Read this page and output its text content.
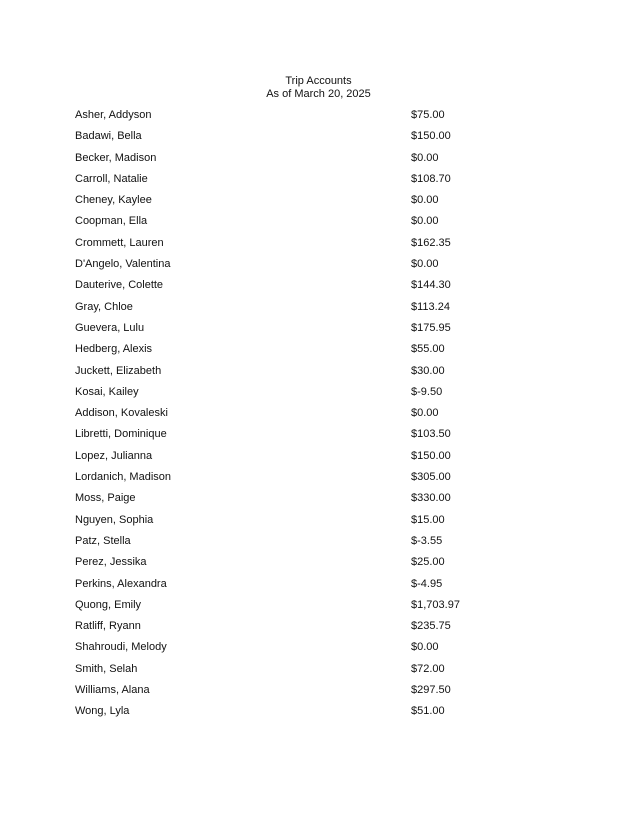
Trip Accounts
As of March 20, 2025
Asher, Addyson	$75.00
Badawi, Bella	$150.00
Becker, Madison	$0.00
Carroll, Natalie	$108.70
Cheney, Kaylee	$0.00
Coopman, Ella	$0.00
Crommett, Lauren	$162.35
D'Angelo, Valentina	$0.00
Dauterive, Colette	$144.30
Gray, Chloe	$113.24
Guevera, Lulu	$175.95
Hedberg, Alexis	$55.00
Juckett, Elizabeth	$30.00
Kosai, Kailey	$-9.50
Addison, Kovaleski	$0.00
Libretti, Dominique	$103.50
Lopez, Julianna	$150.00
Lordanich, Madison	$305.00
Moss, Paige	$330.00
Nguyen, Sophia	$15.00
Patz, Stella	$-3.55
Perez, Jessika	$25.00
Perkins, Alexandra	$-4.95
Quong, Emily	$1,703.97
Ratliff, Ryann	$235.75
Shahroudi, Melody	$0.00
Smith, Selah	$72.00
Williams, Alana	$297.50
Wong, Lyla	$51.00
